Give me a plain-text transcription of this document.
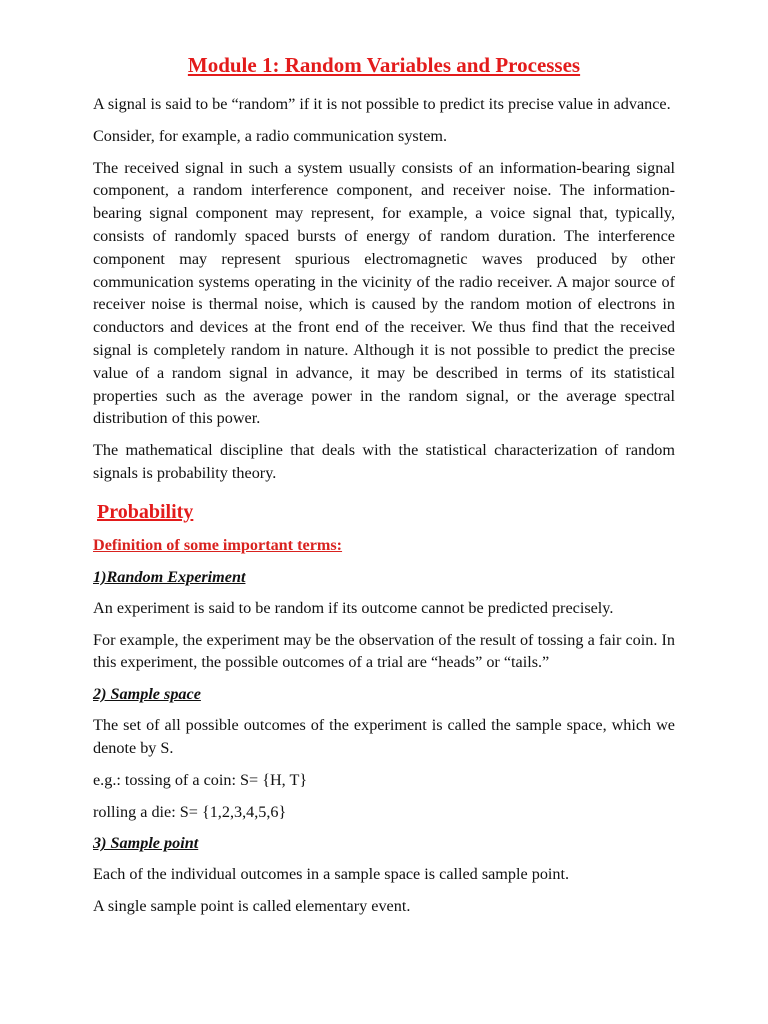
Module 1: Random Variables and Processes

A signal is said to be “random” if it is not possible to predict its precise value in advance.

Consider, for example, a radio communication system.

The received signal in such a system usually consists of an information-bearing signal component, a random interference component, and receiver noise. The information-bearing signal component may represent, for example, a voice signal that, typically, consists of randomly spaced bursts of energy of random duration. The interference component may represent spurious electromagnetic waves produced by other communication systems operating in the vicinity of the radio receiver. A major source of receiver noise is thermal noise, which is caused by the random motion of electrons in conductors and devices at the front end of the receiver. We thus find that the received signal is completely random in nature. Although it is not possible to predict the precise value of a random signal in advance, it may be described in terms of its statistical properties such as the average power in the random signal, or the average spectral distribution of this power.

The mathematical discipline that deals with the statistical characterization of random signals is probability theory.

Probability
Definition of some important terms:
1)Random Experiment

An experiment is said to be random if its outcome cannot be predicted precisely.

For example, the experiment may be the observation of the result of tossing a fair coin. In this experiment, the possible outcomes of a trial are “heads” or “tails.”

2) Sample space

The set of all possible outcomes of the experiment is called the sample space, which we denote by S.

e.g.: tossing of a coin: S= {H, T}

rolling a die: S= {1,2,3,4,5,6}

3) Sample point

Each of the individual outcomes in a sample space is called sample point.

A single sample point is called elementary event.
